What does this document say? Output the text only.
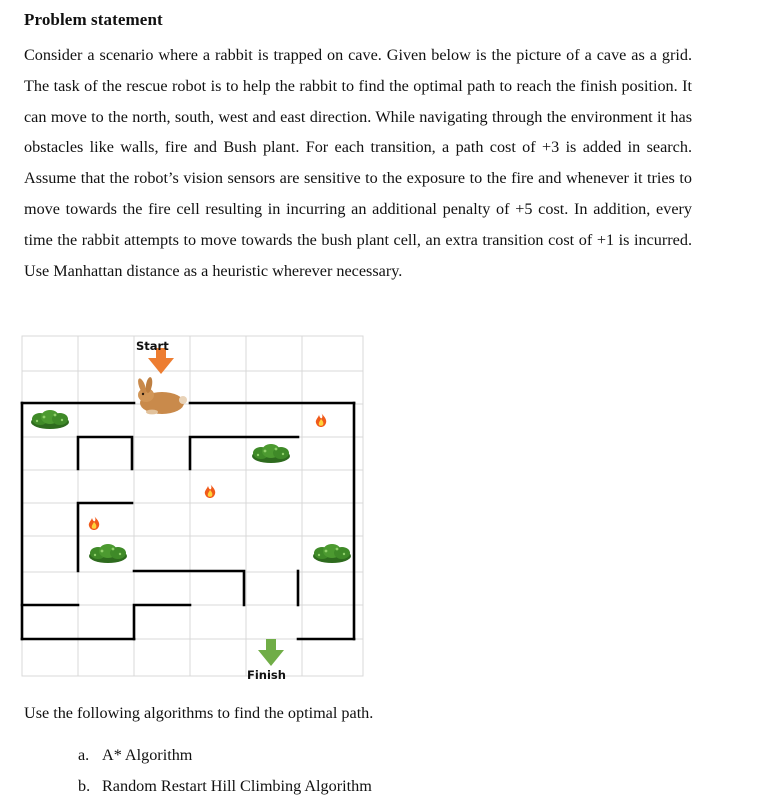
Problem statement
Consider a scenario where a rabbit is trapped on cave. Given below is the picture of a cave as a grid. The task of the rescue robot is to help the rabbit to find the optimal path to reach the finish position. It can move to the north, south, west and east direction. While navigating through the environment it has obstacles like walls, fire and Bush plant. For each transition, a path cost of +3 is added in search. Assume that the robot’s vision sensors are sensitive to the exposure to the fire and whenever it tries to move towards the fire cell resulting in incurring an additional penalty of +5 cost. In addition, every time the rabbit attempts to move towards the bush plant cell, an extra transition cost of +1 is incurred. Use Manhattan distance as a heuristic wherever necessary.
Start
Finish
Use the following algorithms to find the optimal path.
a. A* Algorithm
b. Random Restart Hill Climbing Algorithm
